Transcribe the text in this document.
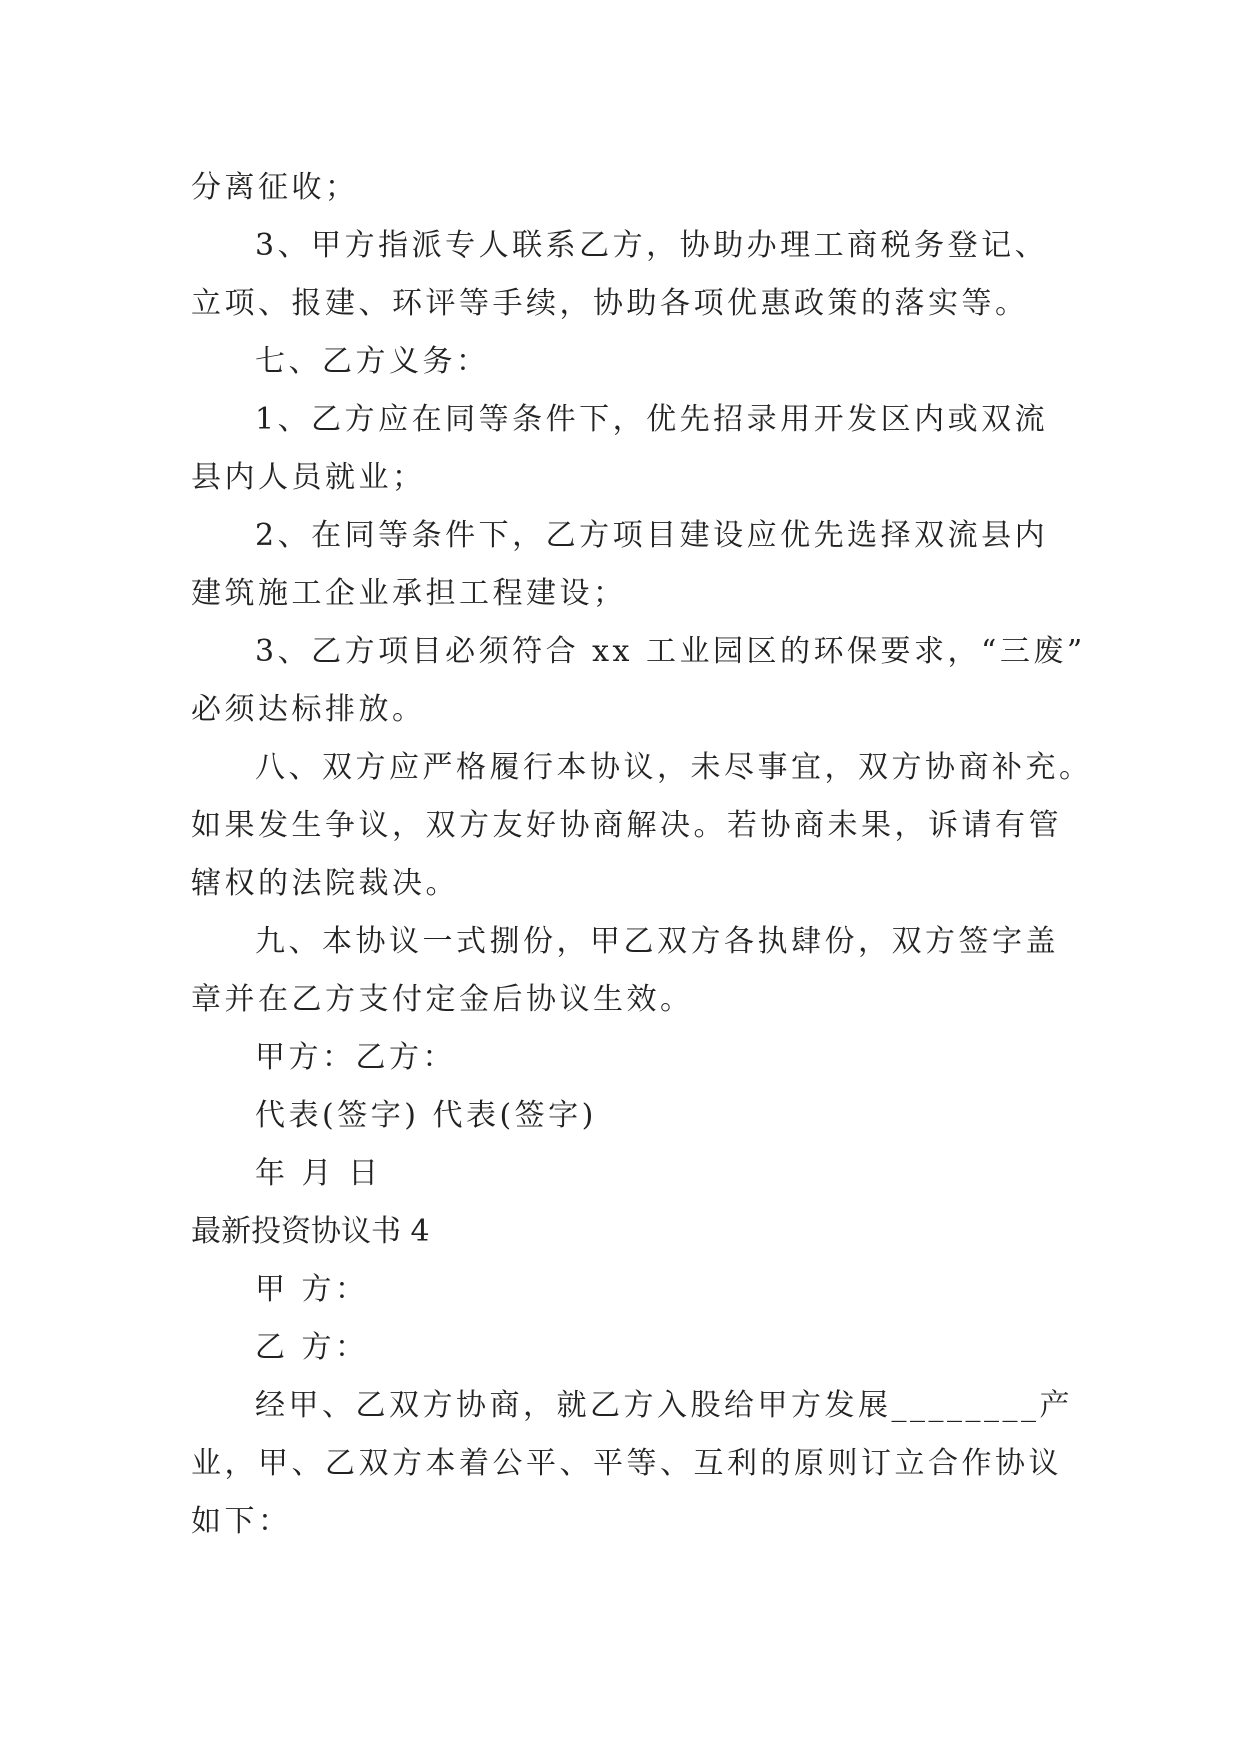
分离征收；
3、甲方指派专人联系乙方，协助办理工商税务登记、
立项、报建、环评等手续，协助各项优惠政策的落实等。
七、乙方义务：
1、乙方应在同等条件下，优先招录用开发区内或双流
县内人员就业；
2、在同等条件下，乙方项目建设应优先选择双流县内
建筑施工企业承担工程建设；
3、乙方项目必须符合 xx 工业园区的环保要求，“三废”
必须达标排放。
八、双方应严格履行本协议，未尽事宜，双方协商补充。
如果发生争议，双方友好协商解决。若协商未果，诉请有管
辖权的法院裁决。
九、本协议一式捌份，甲乙双方各执肆份，双方签字盖
章并在乙方支付定金后协议生效。
甲方：乙方：
代表(签字) 代表(签字)
年 月 日
最新投资协议书 4
甲 方：
乙 方：
经甲、乙双方协商，就乙方入股给甲方发展________产
业，甲、乙双方本着公平、平等、互利的原则订立合作协议
如下：
